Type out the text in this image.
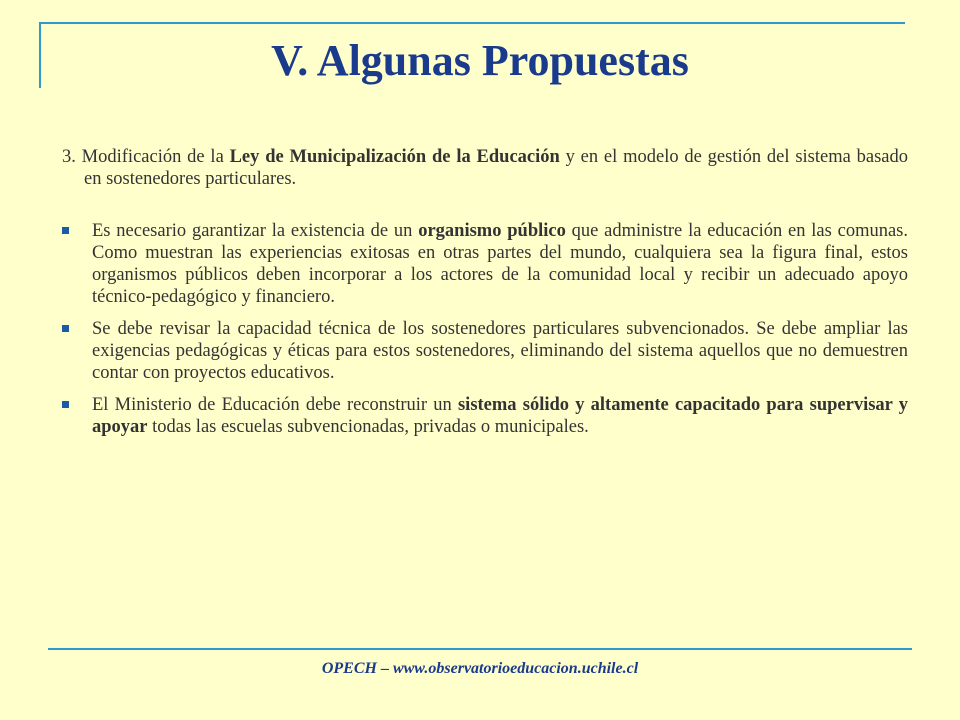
V. Algunas Propuestas

3. Modificación de la Ley de Municipalización de la Educación y en el modelo de gestión del sistema basado en sostenedores particulares.

Es necesario garantizar la existencia de un organismo público que administre la educación en las comunas. Como muestran las experiencias exitosas en otras partes del mundo, cualquiera sea la figura final, estos organismos públicos deben incorporar a los actores de la comunidad local y recibir un adecuado apoyo técnico-pedagógico y financiero.
Se debe revisar la capacidad técnica de los sostenedores particulares subvencionados. Se debe ampliar las exigencias pedagógicas y éticas para estos sostenedores, eliminando del sistema aquellos que no demuestren contar con proyectos educativos.
El Ministerio de Educación debe reconstruir un sistema sólido y altamente capacitado para supervisar y apoyar todas las escuelas subvencionadas, privadas o municipales.
OPECH – www.observatorioeducacion.uchile.cl
